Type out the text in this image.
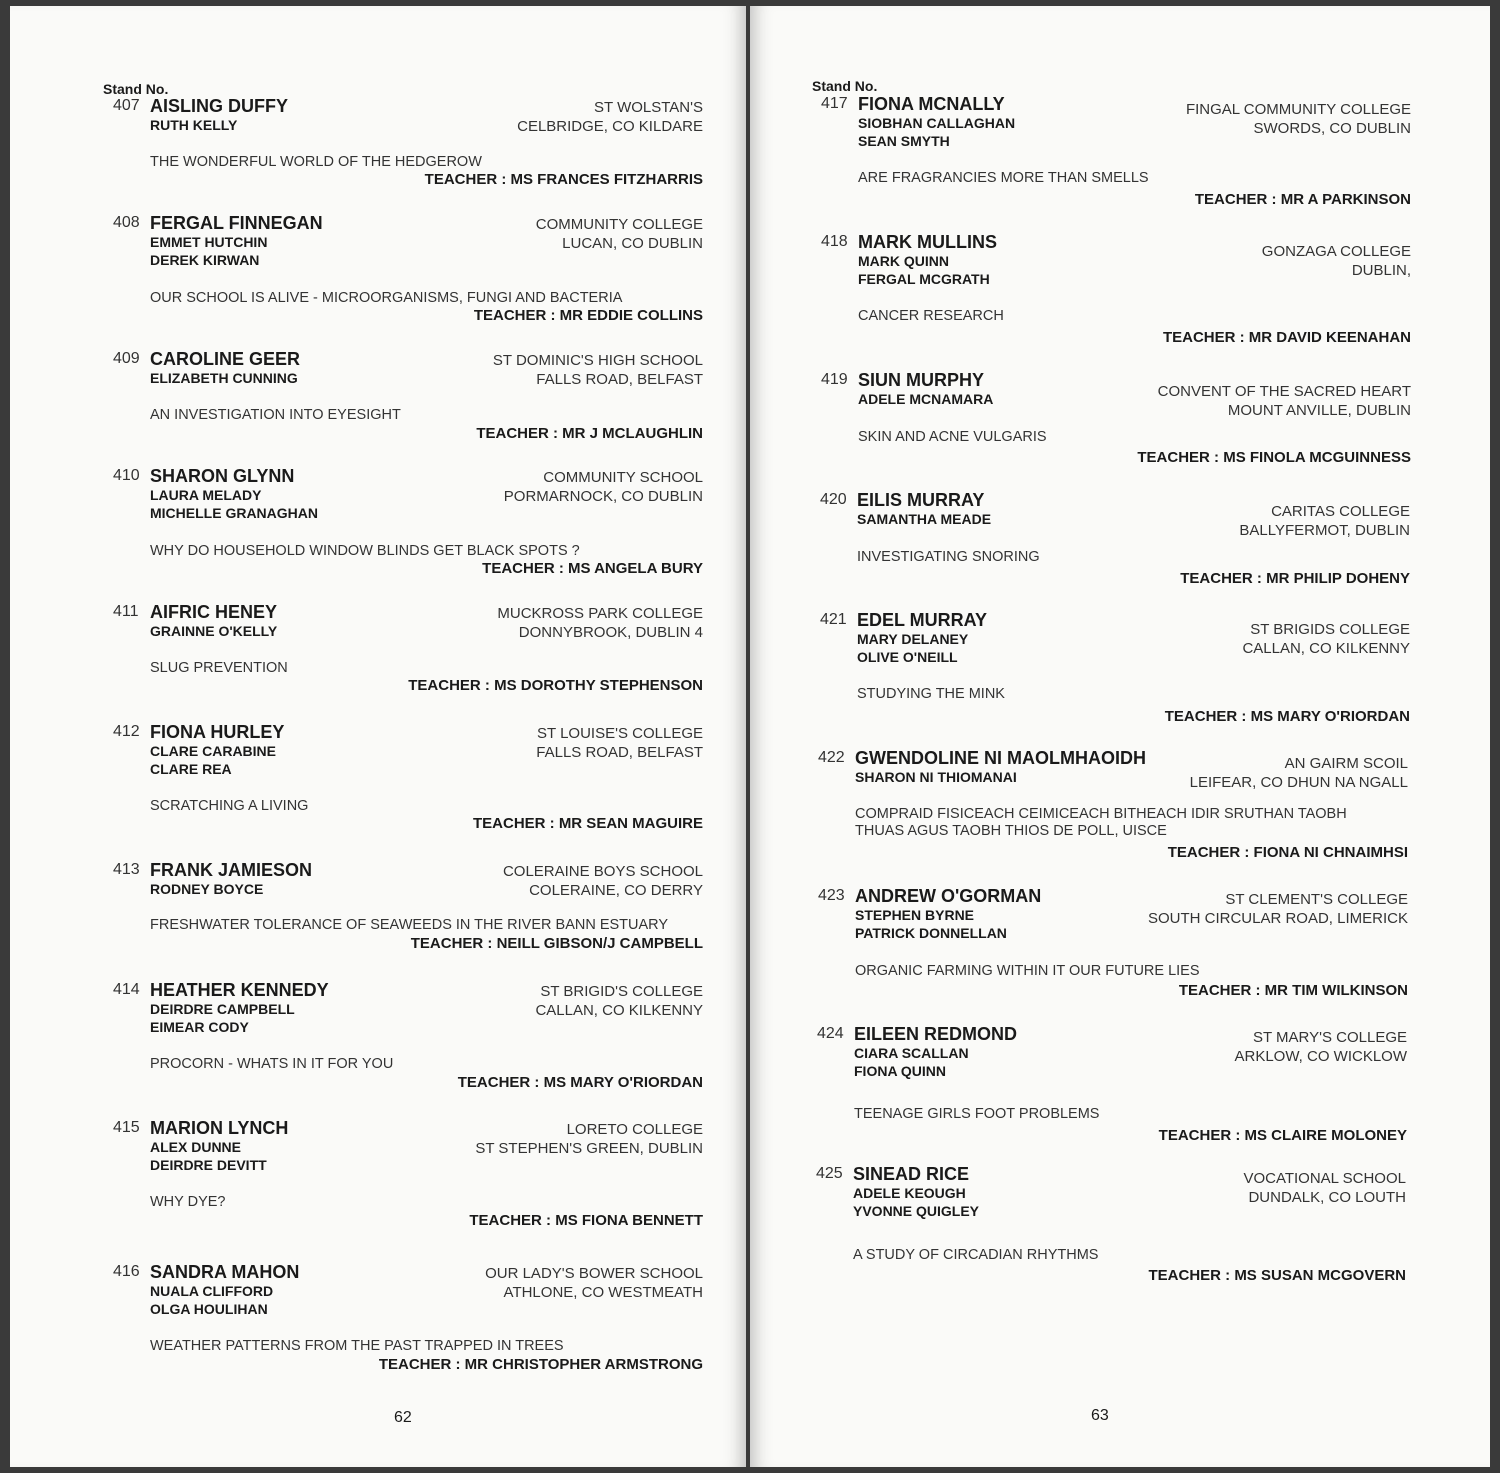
Stand No.
407 AISLING DUFFY
RUTH KELLY
ST WOLSTAN'S
CELBRIDGE, CO KILDARE
THE WONDERFUL WORLD OF THE HEDGEROW
TEACHER : MS FRANCES FITZHARRIS
408 FERGAL FINNEGAN
EMMET HUTCHIN
DEREK KIRWAN
COMMUNITY COLLEGE
LUCAN, CO DUBLIN
OUR SCHOOL IS ALIVE - MICROORGANISMS, FUNGI AND BACTERIA
TEACHER : MR EDDIE COLLINS
409 CAROLINE GEER
ELIZABETH CUNNING
ST DOMINIC'S HIGH SCHOOL
FALLS ROAD, BELFAST
AN INVESTIGATION INTO EYESIGHT
TEACHER : MR J MCLAUGHLIN
410 SHARON GLYNN
LAURA MELADY
MICHELLE GRANAGHAN
COMMUNITY SCHOOL
PORMARNOCK, CO DUBLIN
WHY DO HOUSEHOLD WINDOW BLINDS GET BLACK SPOTS ?
TEACHER : MS ANGELA BURY
411 AIFRIC HENEY
GRAINNE O'KELLY
MUCKROSS PARK COLLEGE
DONNYBROOK, DUBLIN 4
SLUG PREVENTION
TEACHER : MS DOROTHY STEPHENSON
412 FIONA HURLEY
CLARE CARABINE
CLARE REA
ST LOUISE'S COLLEGE
FALLS ROAD, BELFAST
SCRATCHING A LIVING
TEACHER : MR SEAN MAGUIRE
413 FRANK JAMIESON
RODNEY BOYCE
COLERAINE BOYS SCHOOL
COLERAINE, CO DERRY
FRESHWATER TOLERANCE OF SEAWEEDS IN THE RIVER BANN ESTUARY
TEACHER : NEILL GIBSON/J CAMPBELL
414 HEATHER KENNEDY
DEIRDRE CAMPBELL
EIMEAR CODY
ST BRIGID'S COLLEGE
CALLAN, CO KILKENNY
PROCORN - WHATS IN IT FOR YOU
TEACHER : MS MARY O'RIORDAN
415 MARION LYNCH
ALEX DUNNE
DEIRDRE DEVITT
LORETO COLLEGE
ST STEPHEN'S GREEN, DUBLIN
WHY DYE?
TEACHER : MS FIONA BENNETT
416 SANDRA MAHON
NUALA CLIFFORD
OLGA HOULIHAN
OUR LADY'S BOWER SCHOOL
ATHLONE, CO WESTMEATH
WEATHER PATTERNS FROM THE PAST TRAPPED IN TREES
TEACHER : MR CHRISTOPHER ARMSTRONG
62
Stand No.
417 FIONA MCNALLY
SIOBHAN CALLAGHAN
SEAN SMYTH
FINGAL COMMUNITY COLLEGE
SWORDS, CO DUBLIN
ARE FRAGRANCIES MORE THAN SMELLS
TEACHER : MR A PARKINSON
418 MARK MULLINS
MARK QUINN
FERGAL MCGRATH
GONZAGA COLLEGE
DUBLIN,
CANCER RESEARCH
TEACHER : MR DAVID KEENAHAN
419 SIUN MURPHY
ADELE MCNAMARA	CONVENT OF THE SACRED HEART
MOUNT ANVILLE, DUBLIN
SKIN AND ACNE VULGARIS
TEACHER : MS FINOLA MCGUINNESS
420 EILIS MURRAY
SAMANTHA MEADE	CARITAS COLLEGE
BALLYFERMOT, DUBLIN
INVESTIGATING SNORING
TEACHER : MR PHILIP DOHENY
421 EDEL MURRAY
MARY DELANEY
OLIVE O'NEILL
ST BRIGIDS COLLEGE
CALLAN, CO KILKENNY
STUDYING THE MINK
TEACHER : MS MARY O'RIORDAN
422 GWENDOLINE NI MAOLMHAOIDH
SHARON NI THIOMANAI
AN GAIRM SCOIL
LEIFEAR, CO DHUN NA NGALL
COMPRAID FISICEACH CEIMICEACH BITHEACH IDIR SRUTHAN TAOBH THUAS AGUS TAOBH THIOS DE POLL, UISCE
TEACHER : FIONA NI CHNAIMHSI
423 ANDREW O'GORMAN
STEPHEN BYRNE
PATRICK DONNELLAN
ST CLEMENT'S COLLEGE
SOUTH CIRCULAR ROAD, LIMERICK
ORGANIC FARMING WITHIN IT OUR FUTURE LIES
TEACHER : MR TIM WILKINSON
424 EILEEN REDMOND
CIARA SCALLAN
FIONA QUINN
ST MARY'S COLLEGE
ARKLOW, CO WICKLOW
TEENAGE GIRLS FOOT PROBLEMS
TEACHER : MS CLAIRE MOLONEY
425 SINEAD RICE
ADELE KEOUGH
YVONNE QUIGLEY
VOCATIONAL SCHOOL
DUNDALK, CO LOUTH
A STUDY OF CIRCADIAN RHYTHMS
TEACHER : MS SUSAN MCGOVERN
63
